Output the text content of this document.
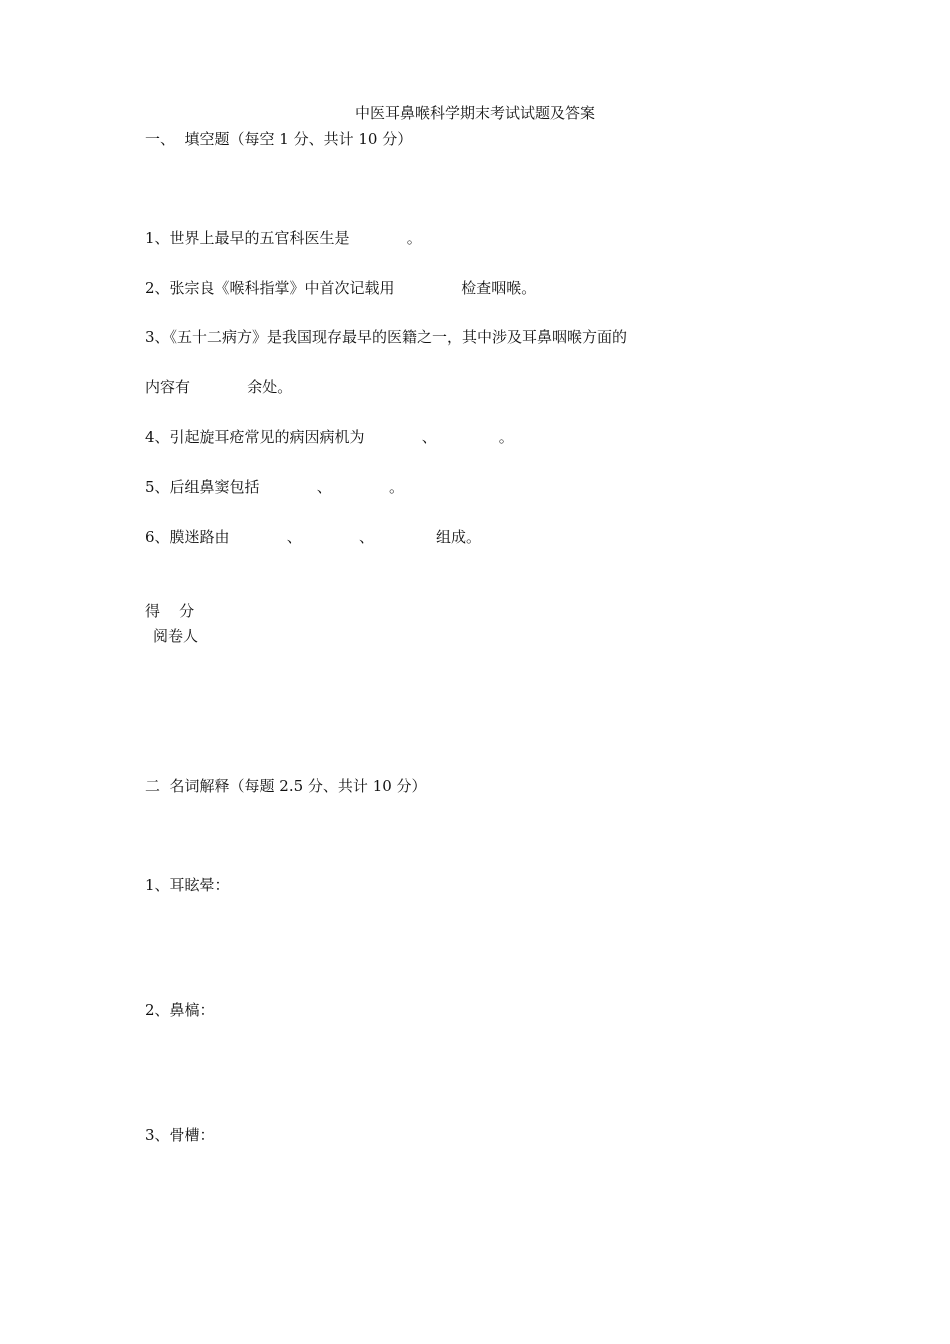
中医耳鼻喉科学期末考试试题及答案
一、  填空题（每空 1 分、共计 10 分）
1、世界上最早的五官科医生是            。
2、张宗良《喉科指掌》中首次记载用              检查咽喉。
3、《五十二病方》是我国现存最早的医籍之一，其中涉及耳鼻咽喉方面的
内容有            余处。
4、引起旋耳疮常见的病因病机为            、             。
5、后组鼻窦包括            、            。
6、膜迷路由            、            、             组成。
得    分
阅卷人
二  名词解释（每题 2.5 分、共计 10 分）
1、耳眩晕：
2、鼻槁：
3、骨槽：
